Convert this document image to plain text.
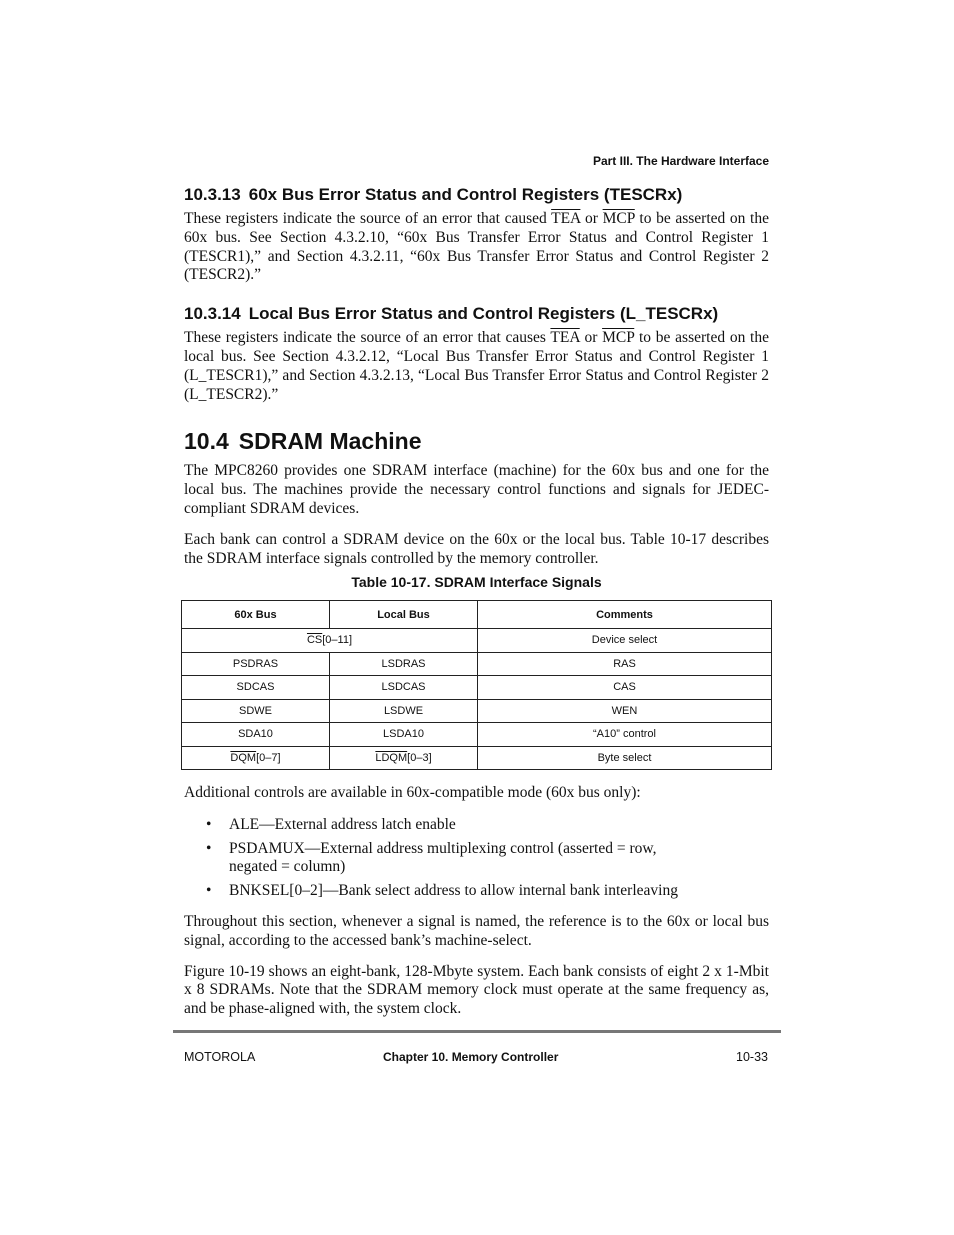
Part III. The Hardware Interface
10.3.13 60x Bus Error Status and Control Registers (TESCRx)

These registers indicate the source of an error that caused $\overline{TEA}$ or $\overline{MCP}$ to be asserted on the 60x bus. See Section 4.3.2.10, “60x Bus Transfer Error Status and Control Register 1 (TESCR1),” and Section 4.3.2.11, “60x Bus Transfer Error Status and Control Register 2 (TESCR2).”

10.3.14 Local Bus Error Status and Control Registers (L_TESCRx)

These registers indicate the source of an error that causes $\overline{TEA}$ or $\overline{MCP}$ to be asserted on the local bus. See Section 4.3.2.12, “Local Bus Transfer Error Status and Control Register 1 (L_TESCR1),” and Section 4.3.2.13, “Local Bus Transfer Error Status and Control Register 2 (L_TESCR2).”

10.4 SDRAM Machine

The MPC8260 provides one SDRAM interface (machine) for the 60x bus and one for the local bus. The machines provide the necessary control functions and signals for JEDEC-compliant SDRAM devices.

Each bank can control a SDRAM device on the 60x or the local bus. Table 10-17 describes the SDRAM interface signals controlled by the memory controller.

Table 10-17. SDRAM Interface Signals

60x Bus	Local Bus	Comments
$\overline{CS}[0-11]$		Device select
PSDRAS	LSDRAS	RAS
SDCAS	LSDCAS	CAS
SDWE	LSDWE	WEN
SDA10	LSDA10	“A10” control
$\overline{DQM}[0-7]$	LDQM[0–3]	Byte select

Additional controls are available in 60x-compatible mode (60x bus only):

• ALE—External address latch enable
• PSDAMUX—External address multiplexing control (asserted = row, negated = column)
• BNKSEL[0–2]—Bank select address to allow internal bank interleaving

Throughout this section, whenever a signal is named, the reference is to the 60x or local bus signal, according to the accessed bank’s machine-select.

Figure 10-19 shows an eight-bank, 128-Mbyte system. Each bank consists of eight 2 x 1-Mbit x 8 SDRAMs. Note that the SDRAM memory clock must operate at the same frequency as, and be phase-aligned with, the system clock.

MOTOROLA	Chapter 10. Memory Controller	10-33
